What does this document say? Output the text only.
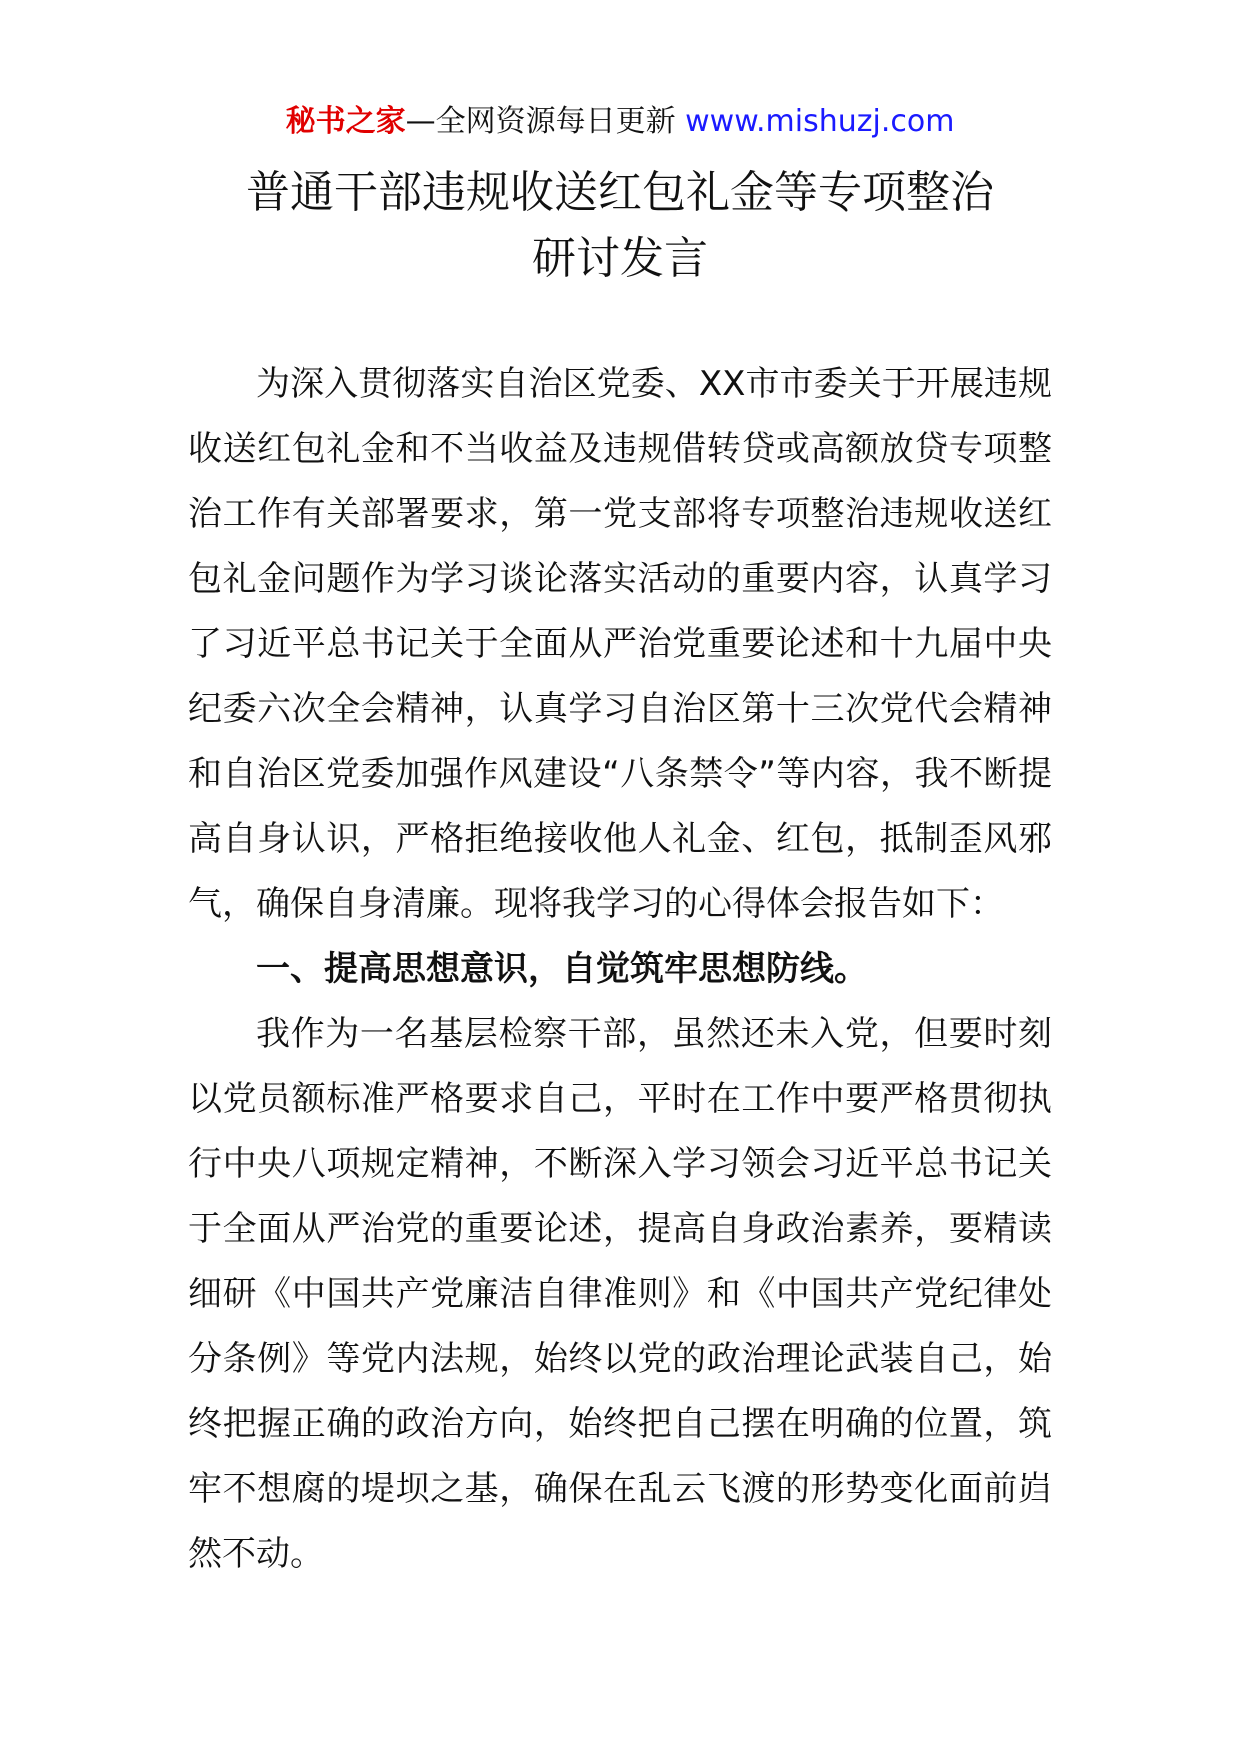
秘书之家—全网资源每日更新 www.mishuzj.com
普通干部违规收送红包礼金等专项整治
研讨发言

为深入贯彻落实自治区党委、XX市市委关于开展违规收送红包礼金和不当收益及违规借转贷或高额放贷专项整治工作有关部署要求，第一党支部将专项整治违规收送红包礼金问题作为学习谈论落实活动的重要内容，认真学习了习近平总书记关于全面从严治党重要论述和十九届中央纪委六次全会精神，认真学习自治区第十三次党代会精神和自治区党委加强作风建设“八条禁令”等内容，我不断提高自身认识，严格拒绝接收他人礼金、红包，抵制歪风邪气，确保自身清廉。现将我学习的心得体会报告如下：

一、提高思想意识，自觉筑牢思想防线。

我作为一名基层检察干部，虽然还未入党，但要时刻以党员额标准严格要求自己，平时在工作中要严格贯彻执行中央八项规定精神，不断深入学习领会习近平总书记关于全面从严治党的重要论述，提高自身政治素养，要精读细研《中国共产党廉洁自律准则》和《中国共产党纪律处分条例》等党内法规，始终以党的政治理论武装自己，始终把握正确的政治方向，始终把自己摆在明确的位置，筑牢不想腐的堤坝之基，确保在乱云飞渡的形势变化面前岿然不动。
